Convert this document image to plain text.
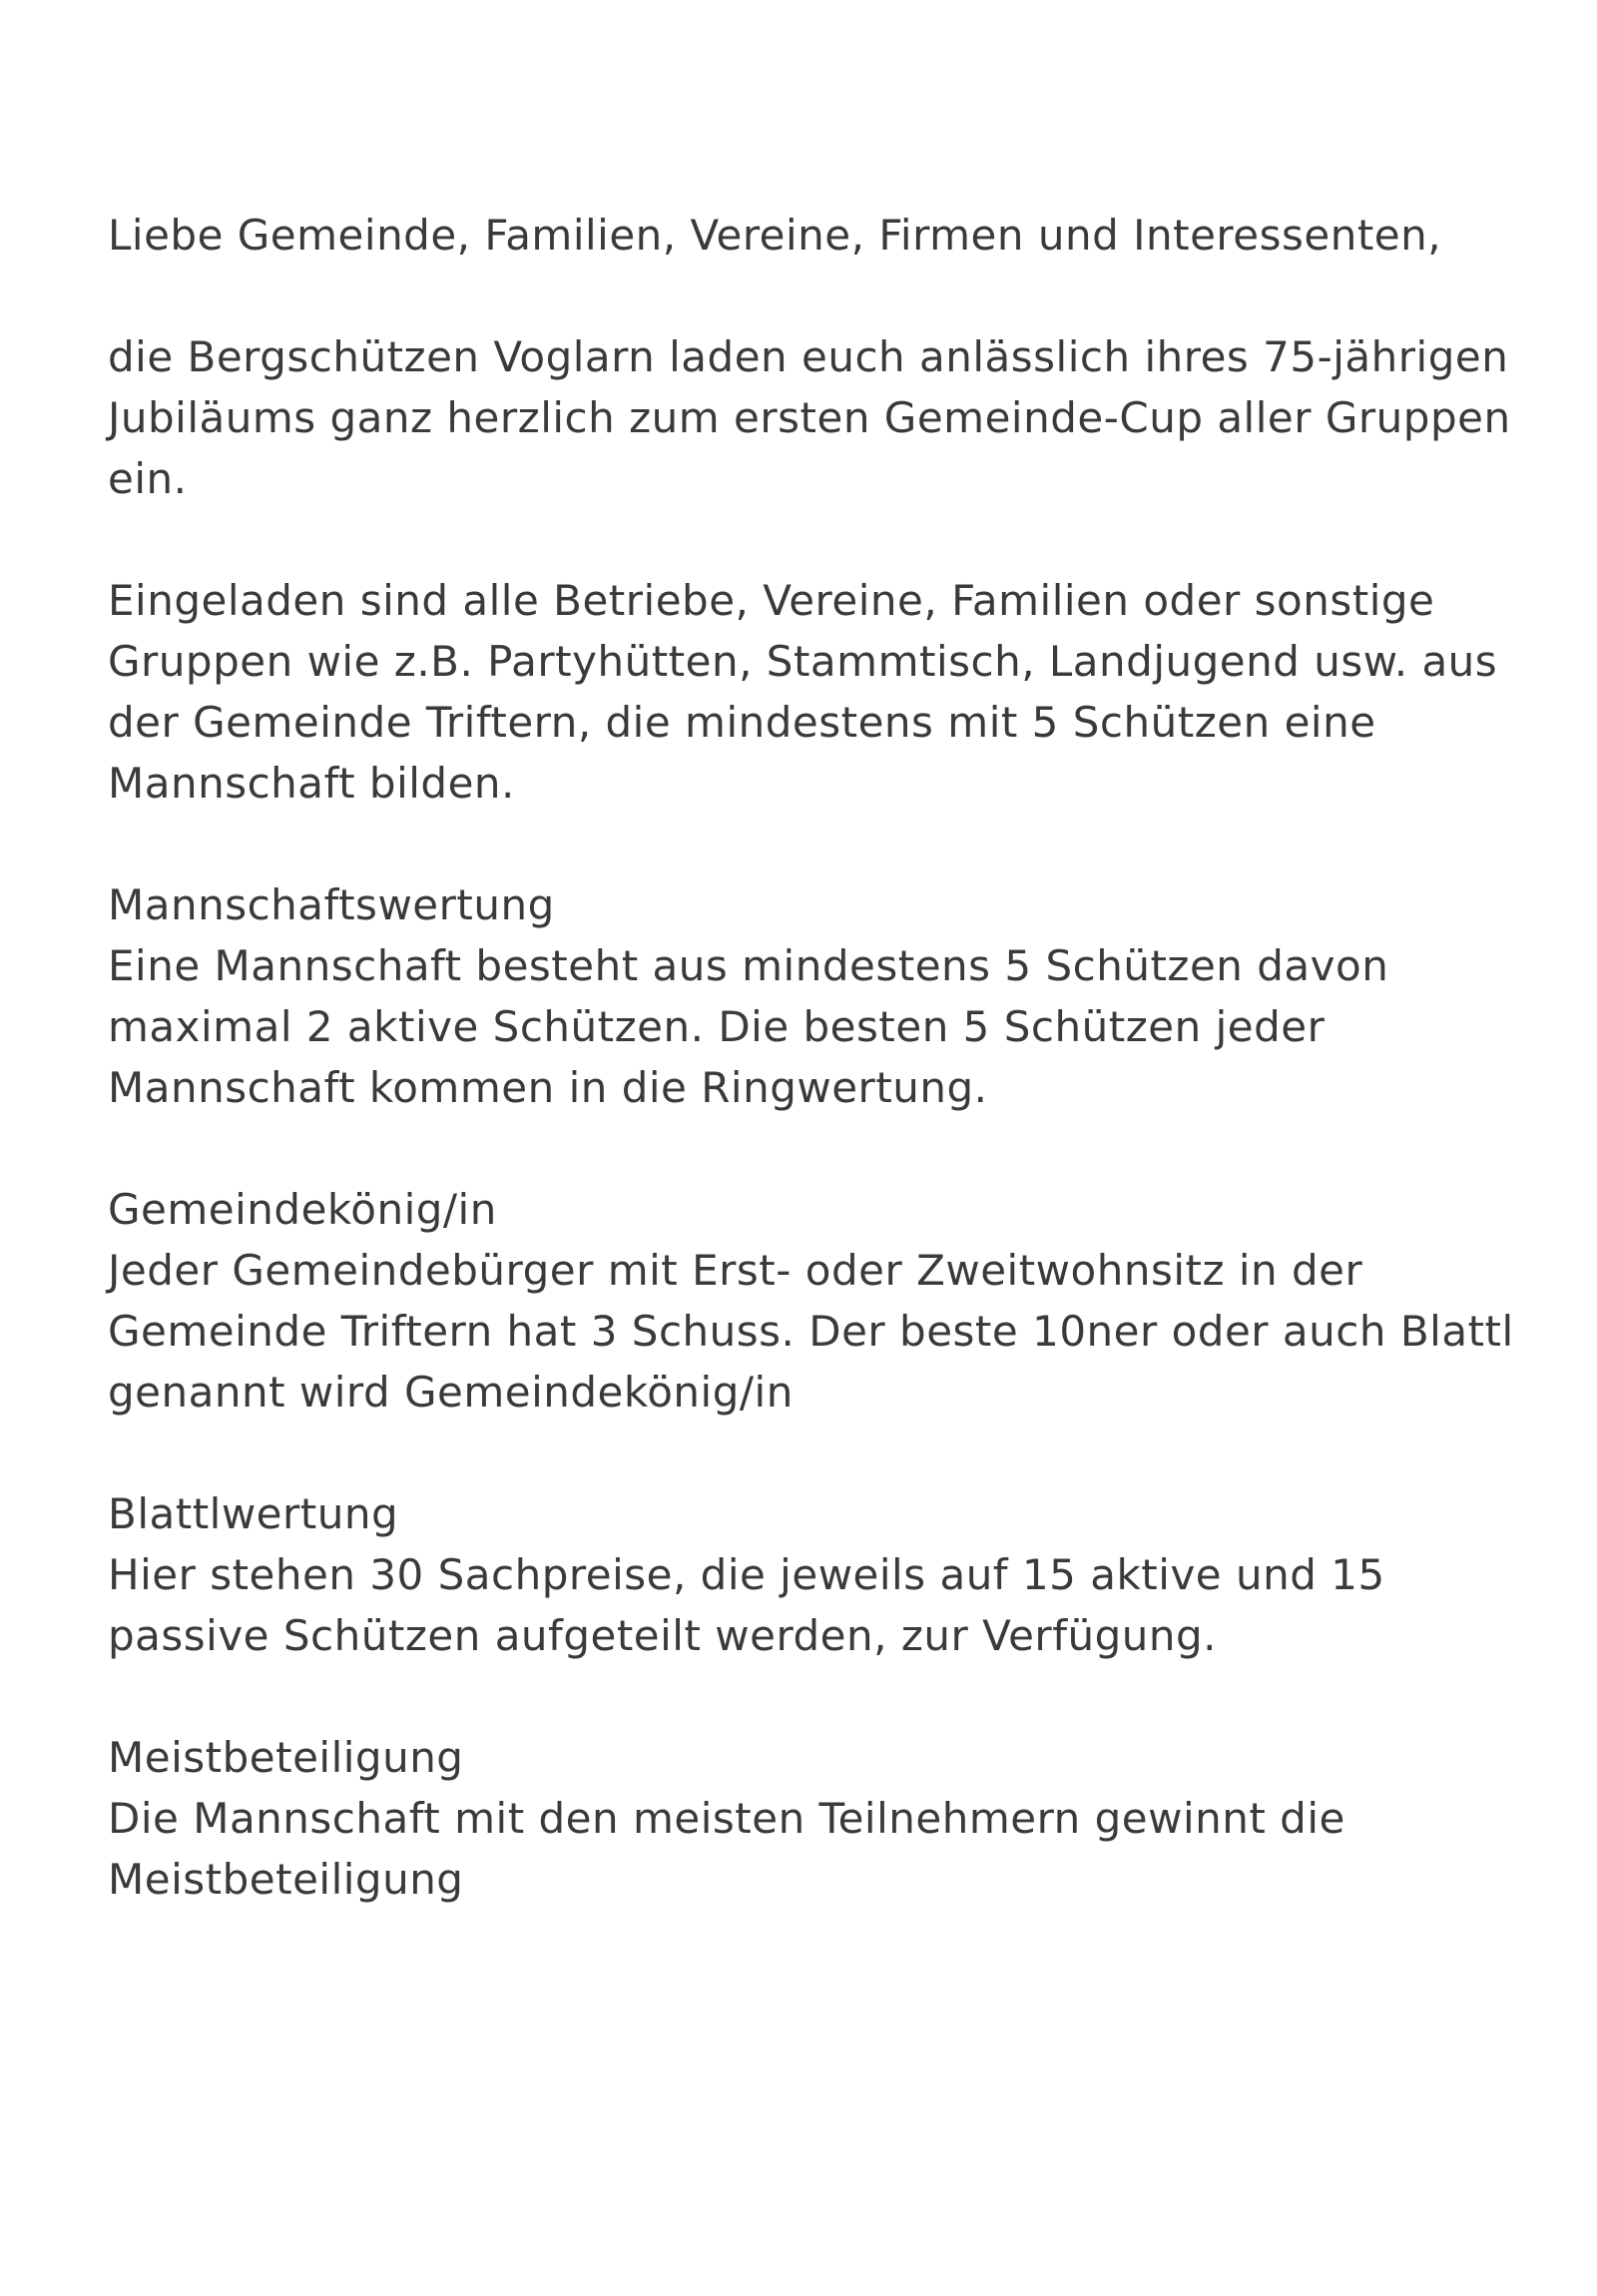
Liebe Gemeinde, Familien, Vereine, Firmen und Interessenten,

die Bergschützen Voglarn laden euch anlässlich ihres 75-jährigen
Jubiläums ganz herzlich zum ersten Gemeinde-Cup aller Gruppen
ein.

Eingeladen sind alle Betriebe, Vereine, Familien oder sonstige
Gruppen wie z.B. Partyhütten, Stammtisch, Landjugend usw. aus
der Gemeinde Triftern, die mindestens mit 5 Schützen eine
Mannschaft bilden.

Mannschaftswertung

Eine Mannschaft besteht aus mindestens 5 Schützen davon
maximal 2 aktive Schützen. Die besten 5 Schützen jeder
Mannschaft kommen in die Ringwertung.

Gemeindekönig/in

Jeder Gemeindebürger mit Erst- oder Zweitwohnsitz in der
Gemeinde Triftern hat 3 Schuss. Der beste 10ner oder auch Blattl
genannt wird Gemeindekönig/in

Blattlwertung

Hier stehen 30 Sachpreise, die jeweils auf 15 aktive und 15
passive Schützen aufgeteilt werden, zur Verfügung.

Meistbeteiligung

Die Mannschaft mit den meisten Teilnehmern gewinnt die
Meistbeteiligung
